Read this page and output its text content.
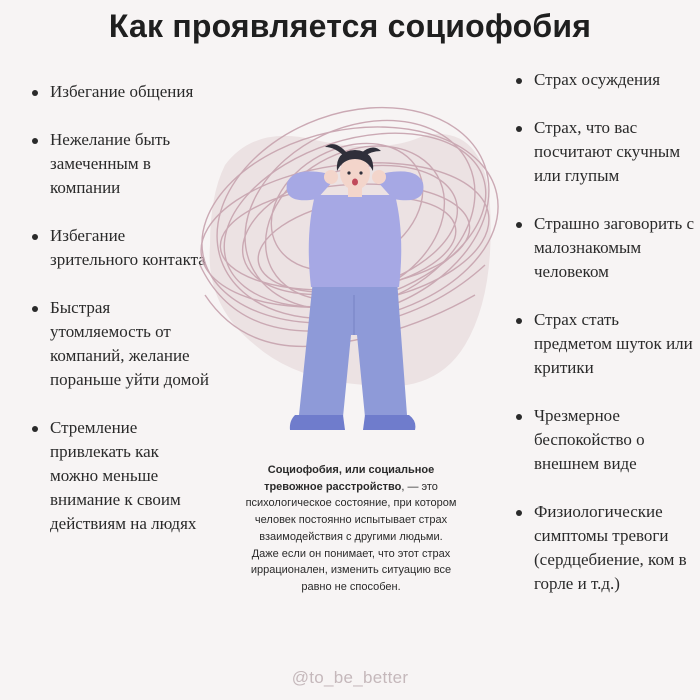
Как проявляется социофобия
Избегание общения
Нежелание быть замеченным в компании
Избегание зрительного контакта
Быстрая утомляемость от компаний, желание пораньше уйти домой
Стремление привлекать как можно меньше внимание к своим действиям на людях
Страх осуждения
Страх, что вас посчитают скучным или глупым
Страшно заговорить с малознакомым человеком
Страх стать предметом шуток или критики
Чрезмерное беспокойство о внешнем виде
Физиологические симптомы тревоги (сердцебиение, ком в горле и т.д.)
Социофобия, или социальное тревожное расстройство, — это психологическое состояние, при котором человек постоянно испытывает страх взаимодействия с другими людьми. Даже если он понимает, что этот страх иррационален, изменить ситуацию все равно не способен.
@to_be_better
